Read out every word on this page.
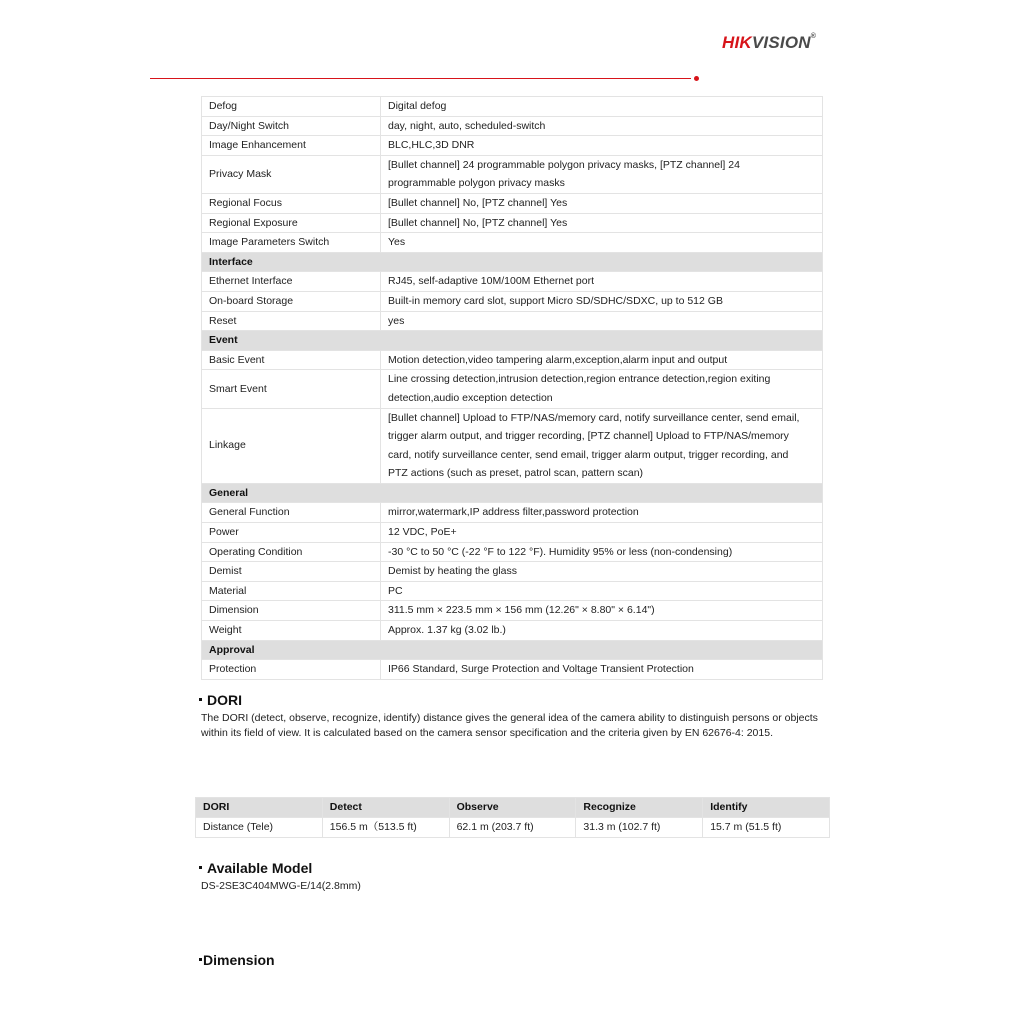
HIKVISION®
Defog	Digital defog
Day/Night Switch	day, night, auto, scheduled-switch
Image Enhancement	BLC,HLC,3D DNR
Privacy Mask	[Bullet channel] 24 programmable polygon privacy masks, [PTZ channel] 24 programmable polygon privacy masks
Regional Focus	[Bullet channel] No, [PTZ channel] Yes
Regional Exposure	[Bullet channel] No, [PTZ channel] Yes
Image Parameters Switch	Yes
Interface	
Ethernet Interface	RJ45, self-adaptive 10M/100M Ethernet port
On-board Storage	Built-in memory card slot, support Micro SD/SDHC/SDXC, up to 512 GB
Reset	yes
Event	
Basic Event	Motion detection,video tampering alarm,exception,alarm input and output
Smart Event	Line crossing detection,intrusion detection,region entrance detection,region exiting detection,audio exception detection
Linkage	[Bullet channel] Upload to FTP/NAS/memory card, notify surveillance center, send email, trigger alarm output, and trigger recording, [PTZ channel] Upload to FTP/NAS/memory card, notify surveillance center, send email, trigger alarm output, trigger recording, and PTZ actions (such as preset, patrol scan, pattern scan)
General	
General Function	mirror,watermark,IP address filter,password protection
Power	12 VDC, PoE+
Operating Condition	-30 °C to 50 °C (-22 °F to 122 °F). Humidity 95% or less (non-condensing)
Demist	Demist by heating the glass
Material	PC
Dimension	311.5 mm × 223.5 mm × 156 mm (12.26" × 8.80" × 6.14")
Weight	Approx. 1.37 kg (3.02 lb.)
Approval	
Protection	IP66 Standard, Surge Protection and Voltage Transient Protection
DORI
The DORI (detect, observe, recognize, identify) distance gives the general idea of the camera ability to distinguish persons or objects within its field of view. It is calculated based on the camera sensor specification and the criteria given by EN 62676-4: 2015.
DORI	Detect	Observe	Recognize	Identify
Distance (Tele)	156.5 m（513.5 ft)	62.1 m (203.7 ft)	31.3 m (102.7 ft)	15.7 m (51.5 ft)
Available Model
DS-2SE3C404MWG-E/14(2.8mm)
Dimension
